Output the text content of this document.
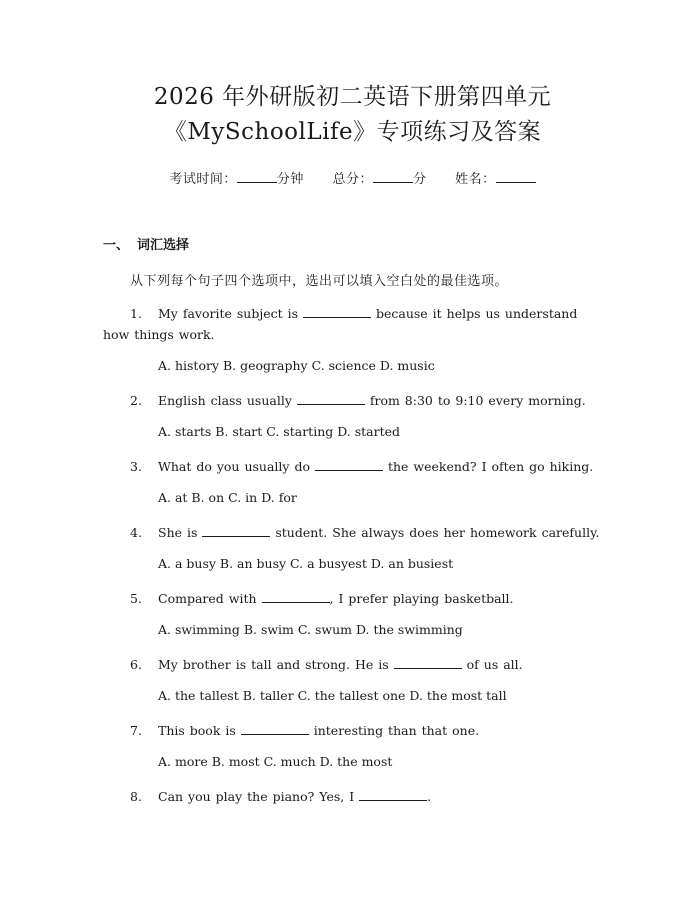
2026 年外研版初二英语下册第四单元
《MySchoolLife》专项练习及答案
考试时间：	分钟 总分：	分 姓名：
一、 词汇选择
从下列每个句子四个选项中，选出可以填入空白处的最佳选项。
1. My favorite subject is	because it helps us understand how things work.
A. history B. geography C. science D. music
2. English class usually	from 8:30 to 9:10 every morning.
A. starts B. start C. starting D. started
3. What do you usually do	the weekend? I often go hiking.
A. at B. on C. in D. for
4. She is	student. She always does her homework carefully.
A. a busy B. an busy C. a busyest D. an busiest
5. Compared with	, I prefer playing basketball.
A. swimming B. swim C. swum D. the swimming
6. My brother is tall and strong. He is	of us all.
A. the tallest B. taller C. the tallest one D. the most tall
7. This book is	interesting than that one.
A. more B. most C. much D. the most
8. Can you play the piano? Yes, I	.
